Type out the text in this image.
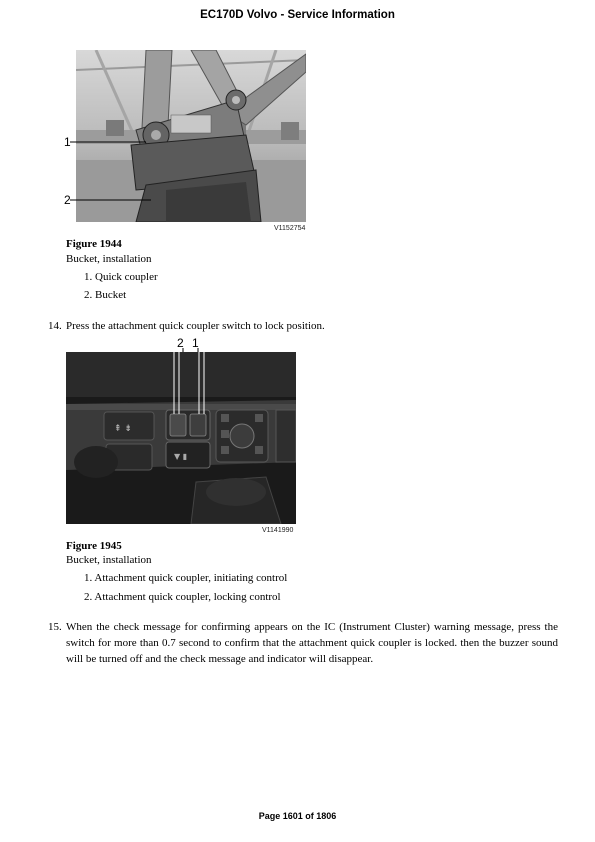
EC170D Volvo - Service Information
1
2
V1152754
Figure 1944
Bucket, installation
1. Quick coupler
2. Bucket
14. Press the attachment quick coupler switch to lock position.
2 1
⇞ ⇟
▼ ▮
V1141990
Figure 1945
Bucket, installation
1. Attachment quick coupler, initiating control
2. Attachment quick coupler, locking control
15. When the check message for confirming appears on the IC (Instrument Cluster) warning message, press the switch for more than 0.7 second to confirm that the attachment quick coupler is locked. then the buzzer sound will be turned off and the check message and indicator will disappear.
Page 1601 of 1806
